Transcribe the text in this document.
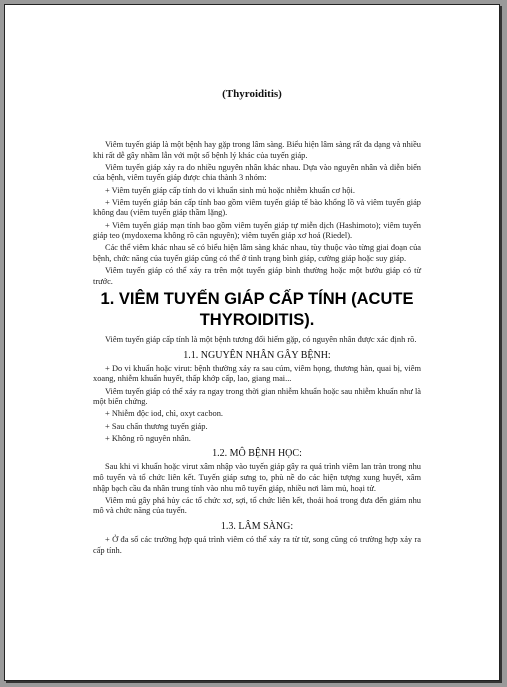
(Thyroiditis)

Viêm tuyến giáp là một bệnh hay gặp trong lâm sàng. Biểu hiện lâm sàng rất đa dạng và nhiều khi rất dễ gây nhầm lẫn với một số bệnh lý khác của tuyến giáp.

Viêm tuyến giáp xảy ra do nhiều nguyên nhân khác nhau. Dựa vào nguyên nhân và diễn biến của bệnh, viêm tuyến giáp được chia thành 3 nhóm:

+ Viêm tuyến giáp cấp tính do vi khuẩn sinh mủ hoặc nhiễm khuẩn cơ hội.

+ Viêm tuyến giáp bán cấp tính bao gồm viêm tuyến giáp tế bào khổng lồ và viêm tuyến giáp không đau (viêm tuyến giáp thầm lặng).

+ Viêm tuyến giáp mạn tính bao gồm viêm tuyến giáp tự miễn dịch (Hashimoto); viêm tuyến giáp teo (mydoxema không rõ căn nguyên); viêm tuyến giáp xơ hoá (Riedel).

Các thể viêm khác nhau sẽ có biểu hiện lâm sàng khác nhau, tùy thuộc vào từng giai đoạn của bệnh, chức năng của tuyến giáp cũng có thể ở tình trạng bình giáp, cường giáp hoặc suy giáp.

Viêm tuyến giáp có thể xảy ra trên một tuyến giáp bình thường hoặc một bướu giáp có từ trước.

1. VIÊM TUYẾN GIÁP CẤP TÍNH (ACUTE THYROIDITIS).

Viêm tuyến giáp cấp tính là một bệnh tương đối hiếm gặp, có nguyên nhân được xác định rõ.

1.1. NGUYÊN NHÂN GÂY BỆNH:

+ Do vi khuẩn hoặc virut: bệnh thường xảy ra sau cúm, viêm họng, thương hàn, quai bị, viêm xoang, nhiễm khuẩn huyết, thấp khớp cấp, lao, giang mai...

Viêm tuyến giáp có thể xảy ra ngay trong thời gian nhiễm khuẩn hoặc sau nhiễm khuẩn như là một biến chứng.

+ Nhiễm độc iod, chì, oxyt cacbon.

+ Sau chấn thương tuyến giáp.

+ Không rõ nguyên nhân.

1.2. MÔ BỆNH HỌC:

Sau khi vi khuẩn hoặc virut xâm nhập vào tuyến giáp gây ra quá trình viêm lan tràn trong nhu mô tuyến và tổ chức liên kết. Tuyến giáp sưng to, phù nề do các hiện tượng xung huyết, xâm nhập bạch cầu đa nhân trung tính vào nhu mô tuyến giáp, nhiều nơi làm mủ, hoại tử.

Viêm mủ gây phá hủy các tổ chức xơ, sợi, tổ chức liên kết, thoái hoá trong đưa đến giảm nhu mô và chức năng của tuyến.

1.3. LÂM SÀNG:

+ Ở đa số các trường hợp quá trình viêm có thể xảy ra từ từ, song cũng có trường hợp xảy ra cấp tính.
